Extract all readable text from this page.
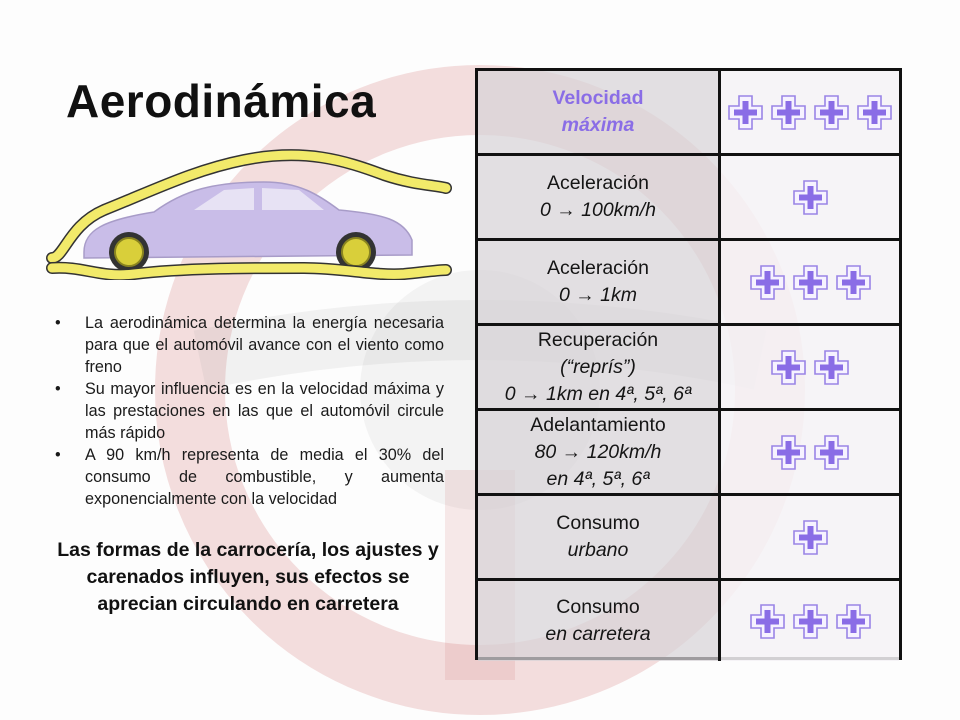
Aerodinámica
• La aerodinámica determina la energía necesaria para que el automóvil avance con el viento como freno
• Su mayor influencia es en la velocidad máxima y las prestaciones en las que el automóvil circule más rápido
• A 90 km/h representa de media el 30% del consumo de combustible, y aumenta exponencialmente con la velocidad

Las formas de la carrocería, los ajustes y carenados influyen, sus efectos se aprecian circulando en carretera

Velocidad
máxima
Aceleración
0 → 100km/h
Aceleración
0 → 1km
Recuperación
(“reprís”)
0 → 1km en 4ª, 5ª, 6ª
Adelantamiento
80 → 120km/h
en 4ª, 5ª, 6ª
Consumo
urbano
Consumo
en carretera
